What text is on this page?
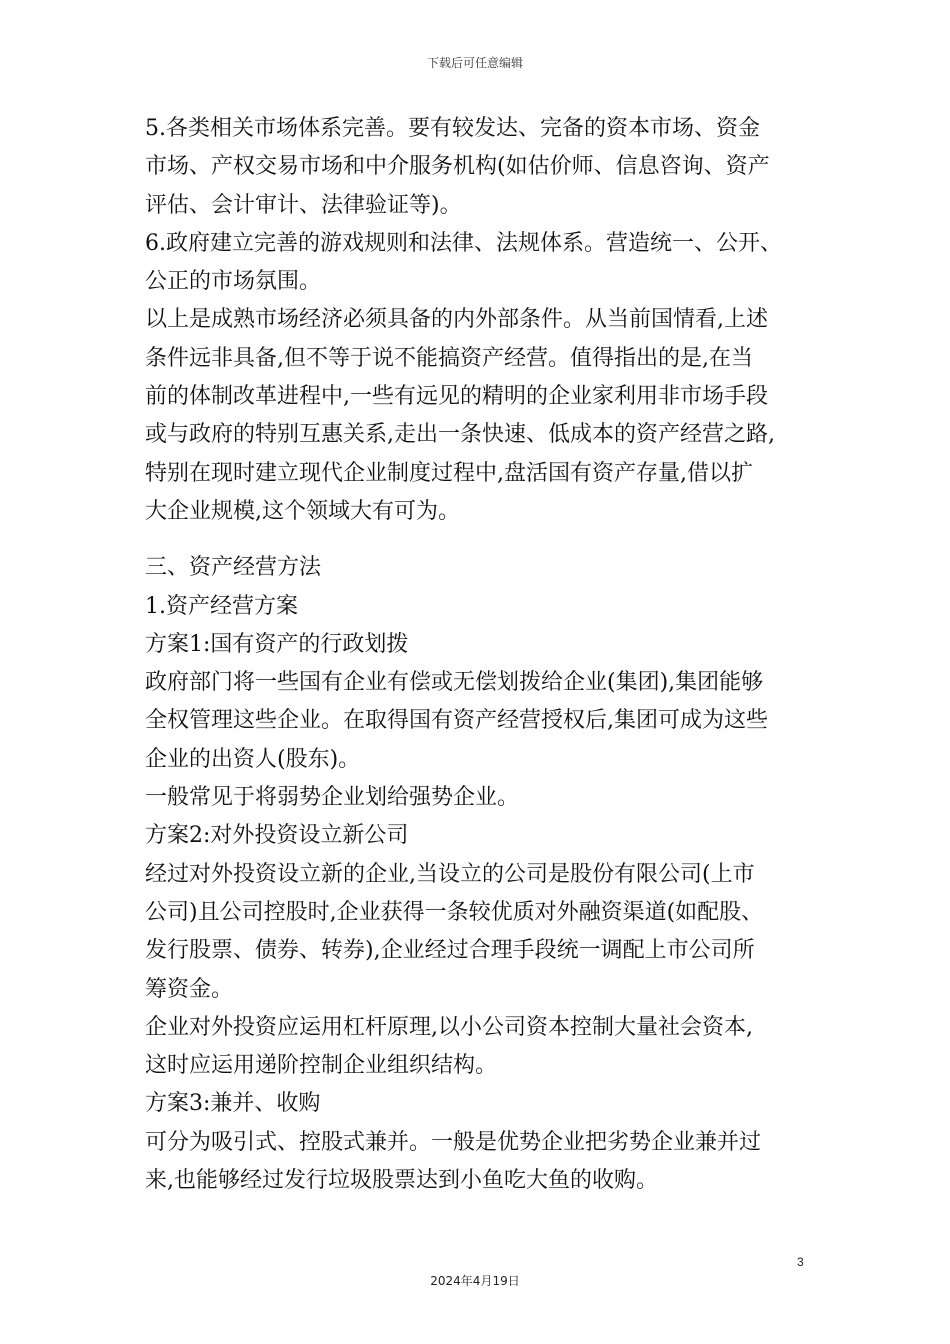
下载后可任意编辑
5.各类相关市场体系完善。要有较发达、完备的资本市场、资金
市场、产权交易市场和中介服务机构(如估价师、信息咨询、资产
评估、会计审计、法律验证等)。
6.政府建立完善的游戏规则和法律、法规体系。营造统一、公开、
公正的市场氛围。
以上是成熟市场经济必须具备的内外部条件。从当前国情看,上述
条件远非具备,但不等于说不能搞资产经营。值得指出的是,在当
前的体制改革进程中,一些有远见的精明的企业家利用非市场手段
或与政府的特别互惠关系,走出一条快速、低成本的资产经营之路,
特别在现时建立现代企业制度过程中,盘活国有资产存量,借以扩
大企业规模,这个领域大有可为。
三、资产经营方法
1.资产经营方案
方案1:国有资产的行政划拨
政府部门将一些国有企业有偿或无偿划拨给企业(集团),集团能够
全权管理这些企业。在取得国有资产经营授权后,集团可成为这些
企业的出资人(股东)。
一般常见于将弱势企业划给强势企业。
方案2:对外投资设立新公司
经过对外投资设立新的企业,当设立的公司是股份有限公司(上市
公司)且公司控股时,企业获得一条较优质对外融资渠道(如配股、
发行股票、债券、转券),企业经过合理手段统一调配上市公司所
筹资金。
企业对外投资应运用杠杆原理,以小公司资本控制大量社会资本,
这时应运用递阶控制企业组织结构。
方案3:兼并、收购
可分为吸引式、控股式兼并。一般是优势企业把劣势企业兼并过
来,也能够经过发行垃圾股票达到小鱼吃大鱼的收购。
3
2024年4月19日
